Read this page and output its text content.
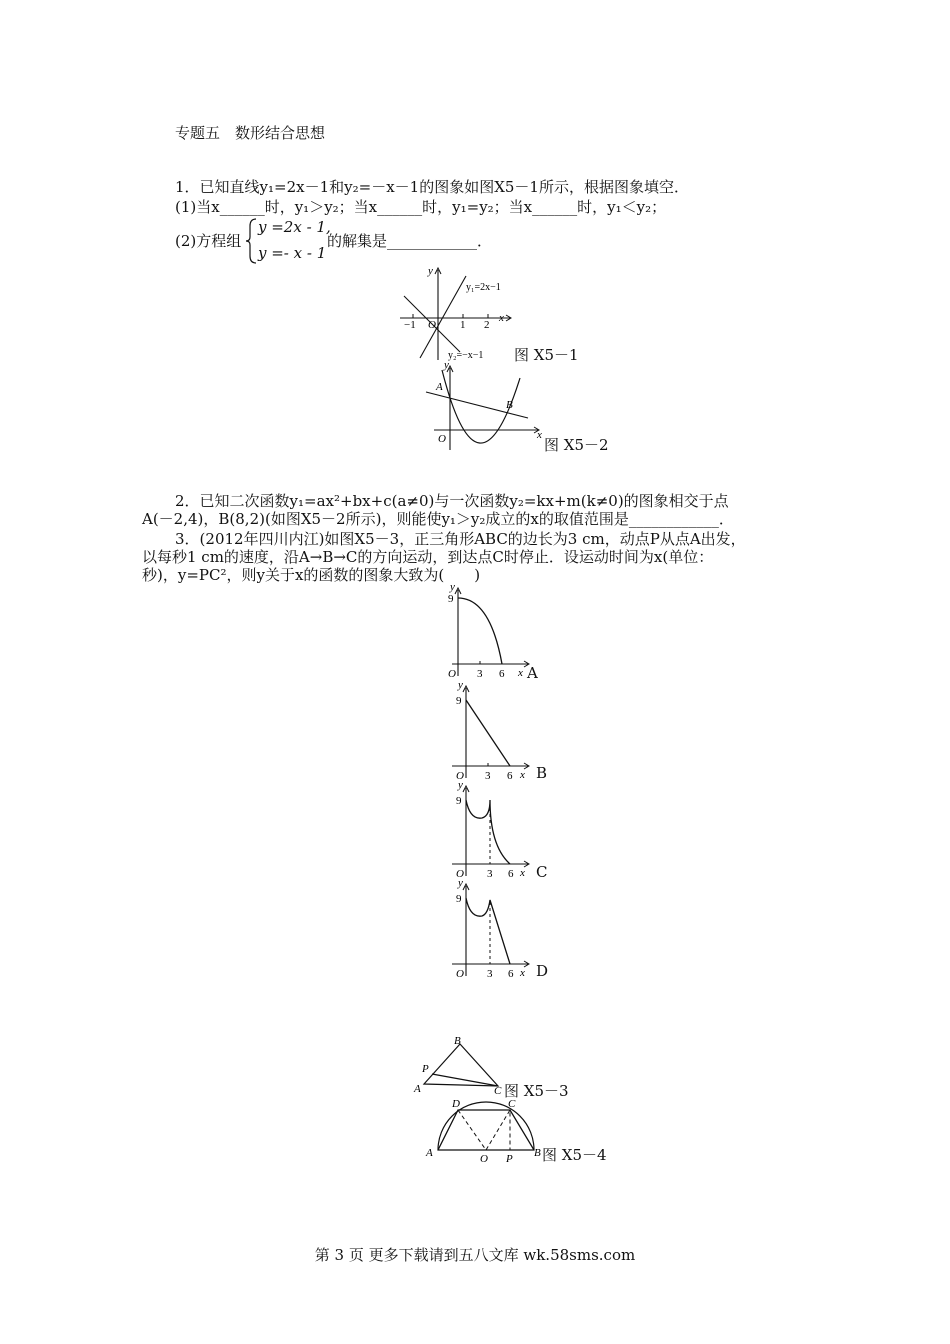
专题五　数形结合思想
1．已知直线y₁=2x－1和y₂=－x－1的图象如图X5－1所示，根据图象填空．
(1)当x______时，y₁＞y₂；当x______时，y₁=y₂；当x______时，y₁＜y₂；
(2)方程组
y =2x - 1,
y =- x - 1
的解集是____________．
y
x
O
−1	1 2
y₁=2x−1
y₂=−x−1 图 X5－1
A
B
O	x
y
图 X5－2
2．已知二次函数y₁=ax²+bx+c(a≠0)与一次函数y₂=kx+m(k≠0)的图象相交于点
A(－2,4)，B(8,2)(如图X5－2所示)，则能使y₁＞y₂成立的x的取值范围是____________．
3．(2012年四川内江)如图X5－3，正三角形ABC的边长为3 cm，动点P从点A出发，
以每秒1 cm的速度，沿A→B→C的方向运动，到达点C时停止．设运动时间为x(单位：
秒)，y=PC²，则y关于x的函数的图象大致为(　　)
9
O 3 6 x
y
A
9
O 3 6 x
y
B
9
O 3 6 x
y
C
9
O 3 6 x
y
D
A
B
C
P
图 X5－3
A	B
C
D
O P 图 X5－4
第 3 页 更多下载请到五八文库 wk.58sms.com
